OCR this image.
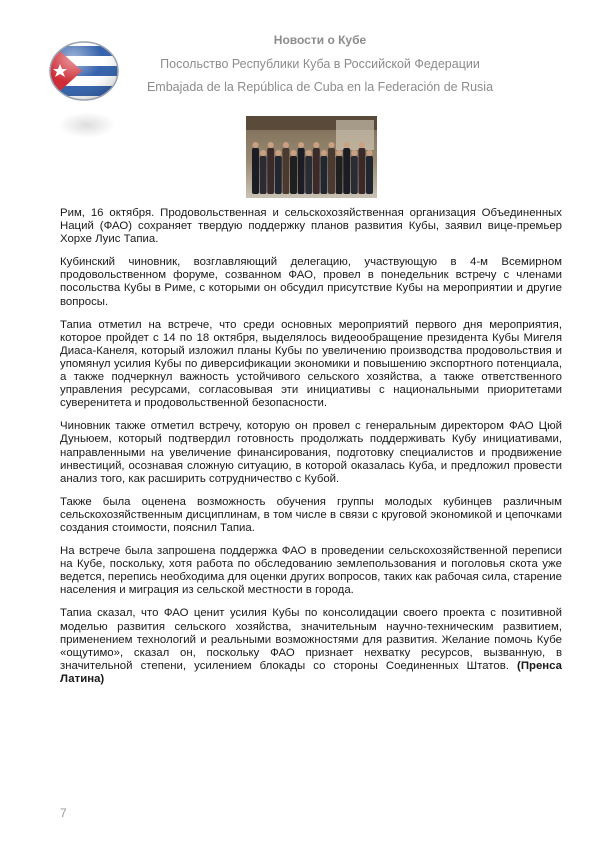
Новости о Кубе
Посольство Республики Куба в Российской Федерации
Embajada de la República de Cuba en la Federación de Rusia

Рим, 16 октября. Продовольственная и сельскохозяйственная организация Объединенных Наций (ФАО) сохраняет твердую поддержку планов развития Кубы, заявил вице-премьер Хорхе Луис Тапиа.

Кубинский чиновник, возглавляющий делегацию, участвующую в 4-м Всемирном продовольственном форуме, созванном ФАО, провел в понедельник встречу с членами посольства Кубы в Риме, с которыми он обсудил присутствие Кубы на мероприятии и другие вопросы.

Тапиа отметил на встрече, что среди основных мероприятий первого дня мероприятия, которое пройдет с 14 по 18 октября, выделялось видеообращение президента Кубы Мигеля Диаса-Канеля, который изложил планы Кубы по увеличению производства продовольствия и упомянул усилия Кубы по диверсификации экономики и повышению экспортного потенциала, а также подчеркнул важность устойчивого сельского хозяйства, а также ответственного управления ресурсами, согласовывая эти инициативы с национальными приоритетами суверенитета и продовольственной безопасности.

Чиновник также отметил встречу, которую он провел с генеральным директором ФАО Цюй Дуньюем, который подтвердил готовность продолжать поддерживать Кубу инициативами, направленными на увеличение финансирования, подготовку специалистов и продвижение инвестиций, осознавая сложную ситуацию, в которой оказалась Куба, и предложил провести анализ того, как расширить сотрудничество с Кубой.

Также была оценена возможность обучения группы молодых кубинцев различным сельскохозяйственным дисциплинам, в том числе в связи с круговой экономикой и цепочками создания стоимости, пояснил Тапиа.

На встрече была запрошена поддержка ФАО в проведении сельскохозяйственной переписи на Кубе, поскольку, хотя работа по обследованию землепользования и поголовья скота уже ведется, перепись необходима для оценки других вопросов, таких как рабочая сила, старение населения и миграция из сельской местности в города.

Тапиа сказал, что ФАО ценит усилия Кубы по консолидации своего проекта с позитивной моделью развития сельского хозяйства, значительным научно-техническим развитием, применением технологий и реальными возможностями для развития. Желание помочь Кубе «ощутимо», сказал он, поскольку ФАО признает нехватку ресурсов, вызванную, в значительной степени, усилением блокады со стороны Соединенных Штатов. (Пренса Латина)

7
